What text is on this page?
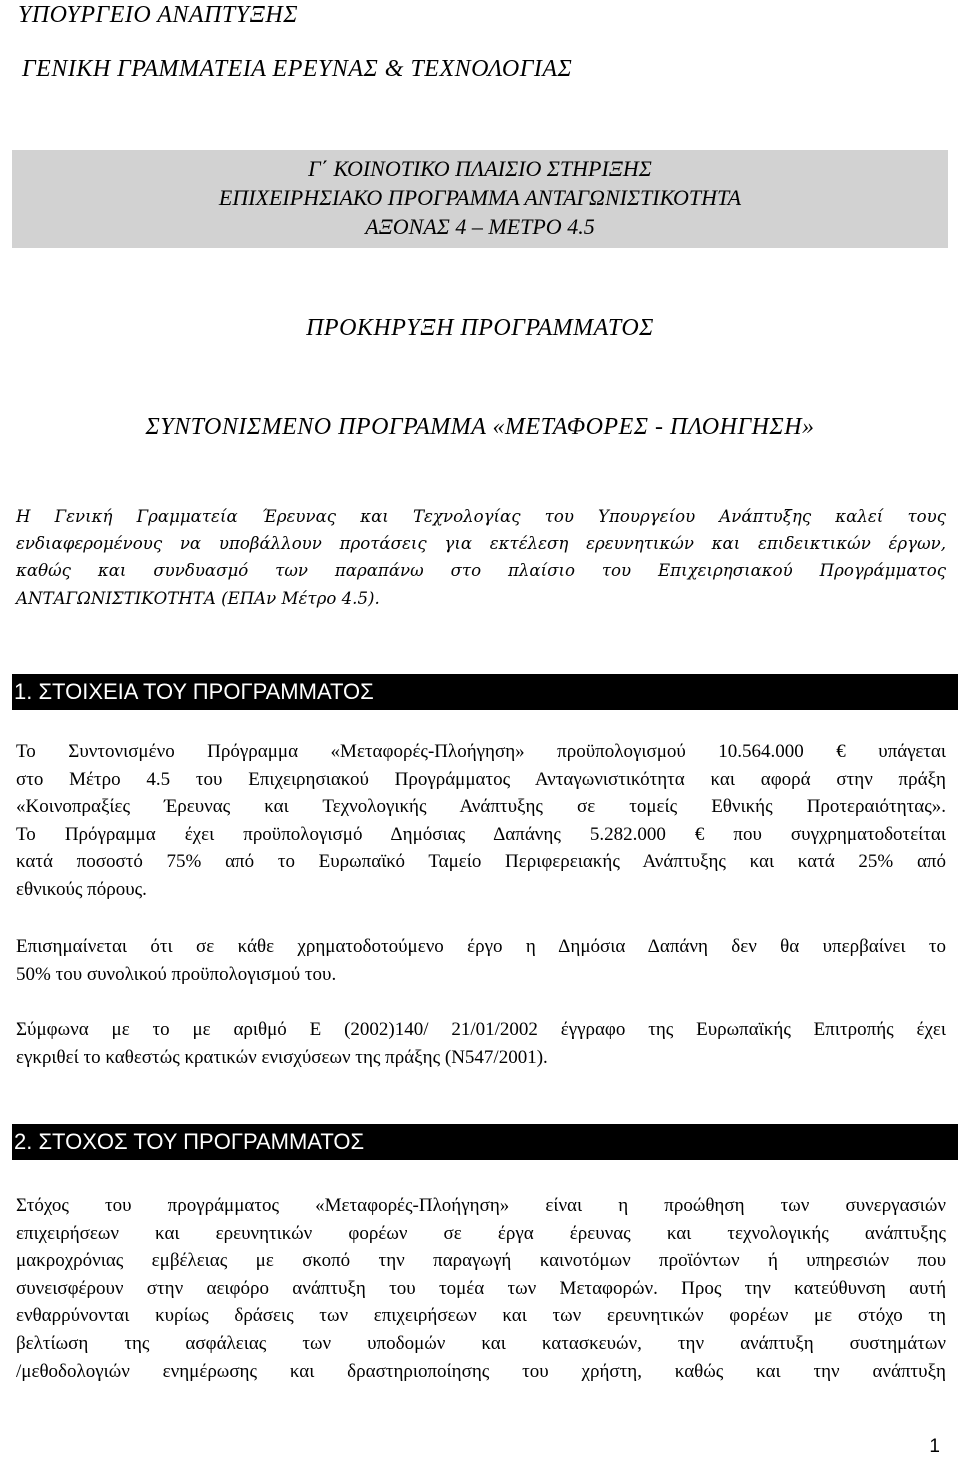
ΥΠΟΥΡΓΕΙΟ ΑΝΑΠΤΥΞΗΣ
ΓΕΝΙΚΗ ΓΡΑΜΜΑΤΕΙΑ ΕΡΕΥΝΑΣ & ΤΕΧΝΟΛΟΓΙΑΣ
Γ΄ ΚΟΙΝΟΤΙΚΟ ΠΛΑΙΣΙΟ ΣΤΗΡΙΞΗΣ
ΕΠΙΧΕΙΡΗΣΙΑΚΟ ΠΡΟΓΡΑΜΜΑ ΑΝΤΑΓΩΝΙΣΤΙΚΟΤΗΤΑ
ΑΞΟΝΑΣ 4 – ΜΕΤΡΟ 4.5
ΠΡΟΚΗΡΥΞΗ ΠΡΟΓΡΑΜΜΑΤΟΣ
ΣΥΝΤΟΝΙΣΜΕΝΟ ΠΡΟΓΡΑΜΜΑ «ΜΕΤΑΦΟΡΕΣ - ΠΛΟΗΓΗΣΗ»
Η Γενική Γραμματεία Έρευνας και Τεχνολογίας του Υπουργείου Ανάπτυξης καλεί τους
ενδιαφερομένους να υποβάλλουν προτάσεις για εκτέλεση ερευνητικών και επιδεικτικών έργων,
καθώς και συνδυασμό των παραπάνω στο πλαίσιο του Επιχειρησιακού Προγράμματος
ΑΝΤΑΓΩΝΙΣΤΙΚΟΤΗΤΑ (ΕΠΑν Μέτρο 4.5).
1. ΣΤΟΙΧΕΙΑ ΤΟΥ ΠΡΟΓΡΑΜΜΑΤΟΣ
Το Συντονισμένο Πρόγραμμα «Μεταφορές-Πλοήγηση» προϋπολογισμού 10.564.000 € υπάγεται
στο Μέτρο 4.5 του Επιχειρησιακού Προγράμματος Ανταγωνιστικότητα και αφορά στην πράξη
«Κοινοπραξίες Έρευνας και Τεχνολογικής Ανάπτυξης σε τομείς Εθνικής Προτεραιότητας».
Το Πρόγραμμα έχει προϋπολογισμό Δημόσιας Δαπάνης 5.282.000 € που συγχρηματοδοτείται
κατά ποσοστό 75% από το Ευρωπαϊκό Ταμείο Περιφερειακής Ανάπτυξης και κατά 25% από
εθνικούς πόρους.
Επισημαίνεται ότι σε κάθε χρηματοδοτούμενο έργο η Δημόσια Δαπάνη δεν θα υπερβαίνει το
50% του συνολικού προϋπολογισμού του.
Σύμφωνα με το με αριθμό Ε (2002)140/ 21/01/2002 έγγραφο της Ευρωπαϊκής Επιτροπής έχει
εγκριθεί το καθεστώς κρατικών ενισχύσεων της πράξης (Ν547/2001).
2. ΣΤΟΧΟΣ ΤΟΥ ΠΡΟΓΡΑΜΜΑΤΟΣ
Στόχος του προγράμματος «Μεταφορές-Πλοήγηση» είναι η προώθηση των συνεργασιών
επιχειρήσεων και ερευνητικών φορέων σε έργα έρευνας και τεχνολογικής ανάπτυξης
μακροχρόνιας εμβέλειας με σκοπό την παραγωγή καινοτόμων προϊόντων ή υπηρεσιών που
συνεισφέρουν στην αειφόρο ανάπτυξη του τομέα των Μεταφορών. Προς την κατεύθυνση αυτή
ενθαρρύνονται κυρίως δράσεις των επιχειρήσεων και των ερευνητικών φορέων με στόχο τη
βελτίωση της ασφάλειας των υποδομών και κατασκευών, την ανάπτυξη συστημάτων
/μεθοδολογιών ενημέρωσης και δραστηριοποίησης του χρήστη, καθώς και την ανάπτυξη
1
